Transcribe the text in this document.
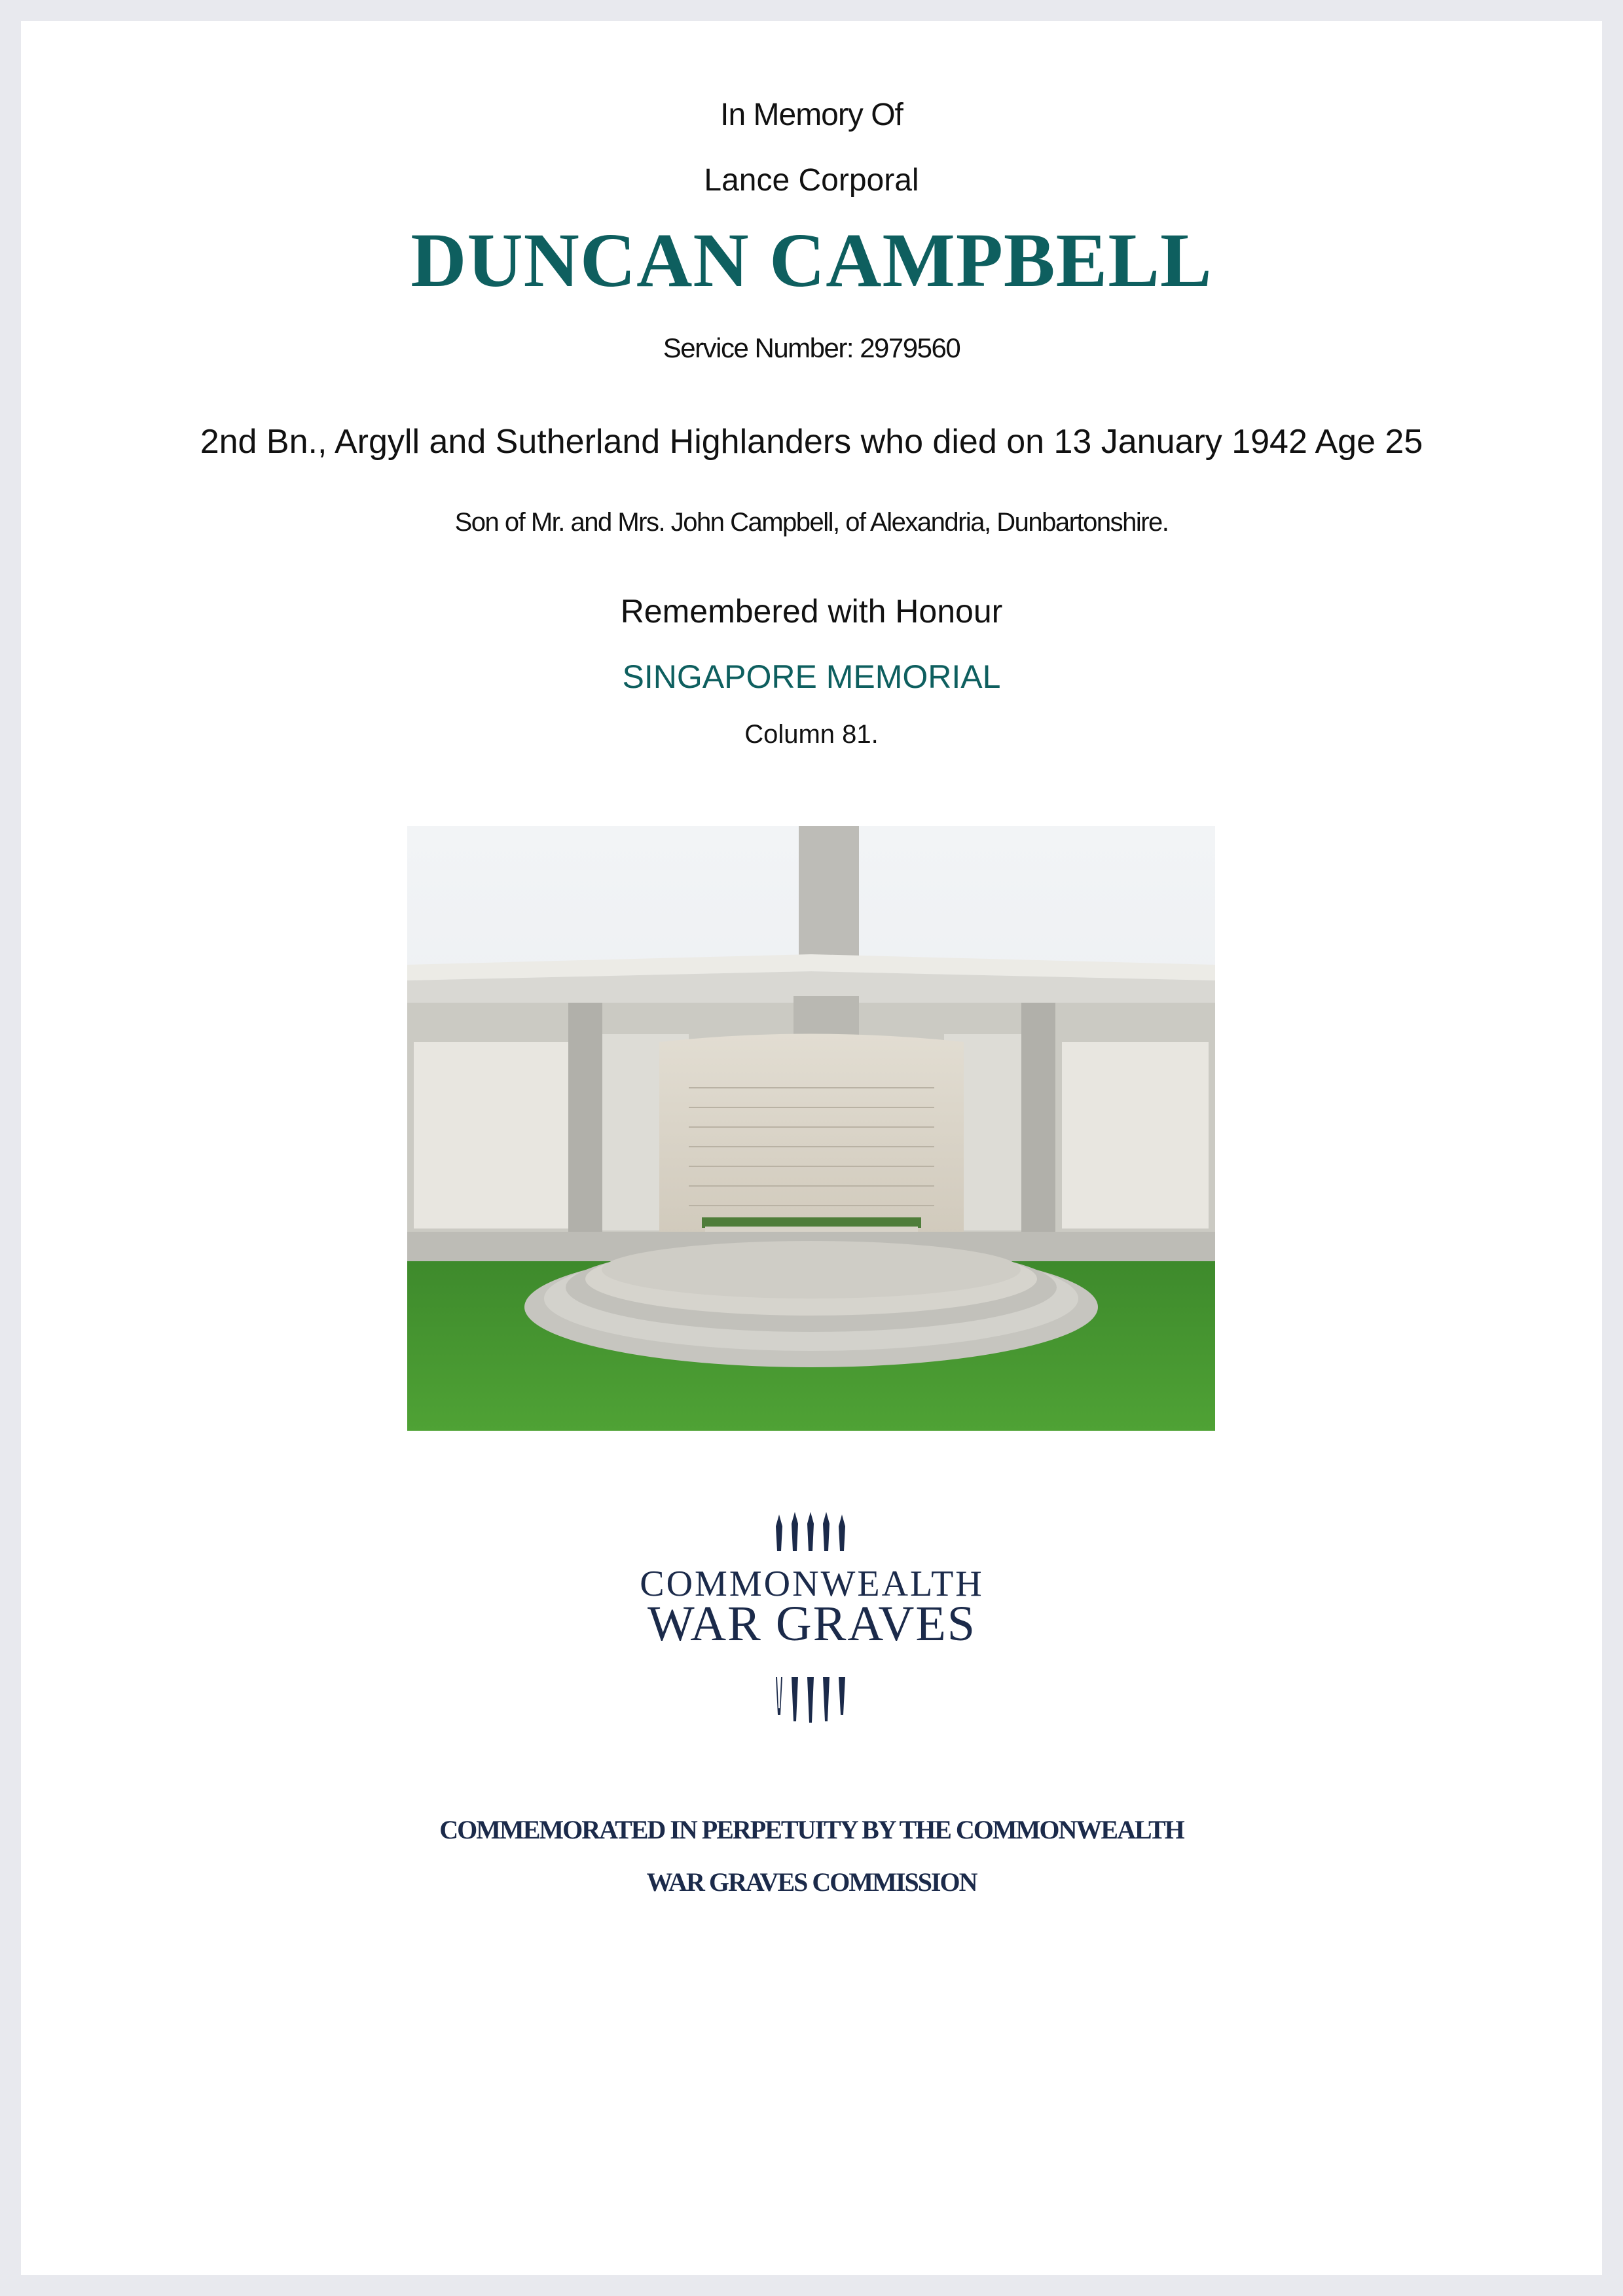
In Memory Of
Lance Corporal
DUNCAN CAMPBELL
Service Number: 2979560
2nd Bn., Argyll and Sutherland Highlanders who died on 13 January 1942 Age 25
Son of Mr. and Mrs. John Campbell, of Alexandria, Dunbartonshire.
Remembered with Honour
SINGAPORE MEMORIAL
Column 81.
COMMONWEALTH
WAR GRAVES
COMMEMORATED IN PERPETUITY BY THE COMMONWEALTH
WAR GRAVES COMMISSION
